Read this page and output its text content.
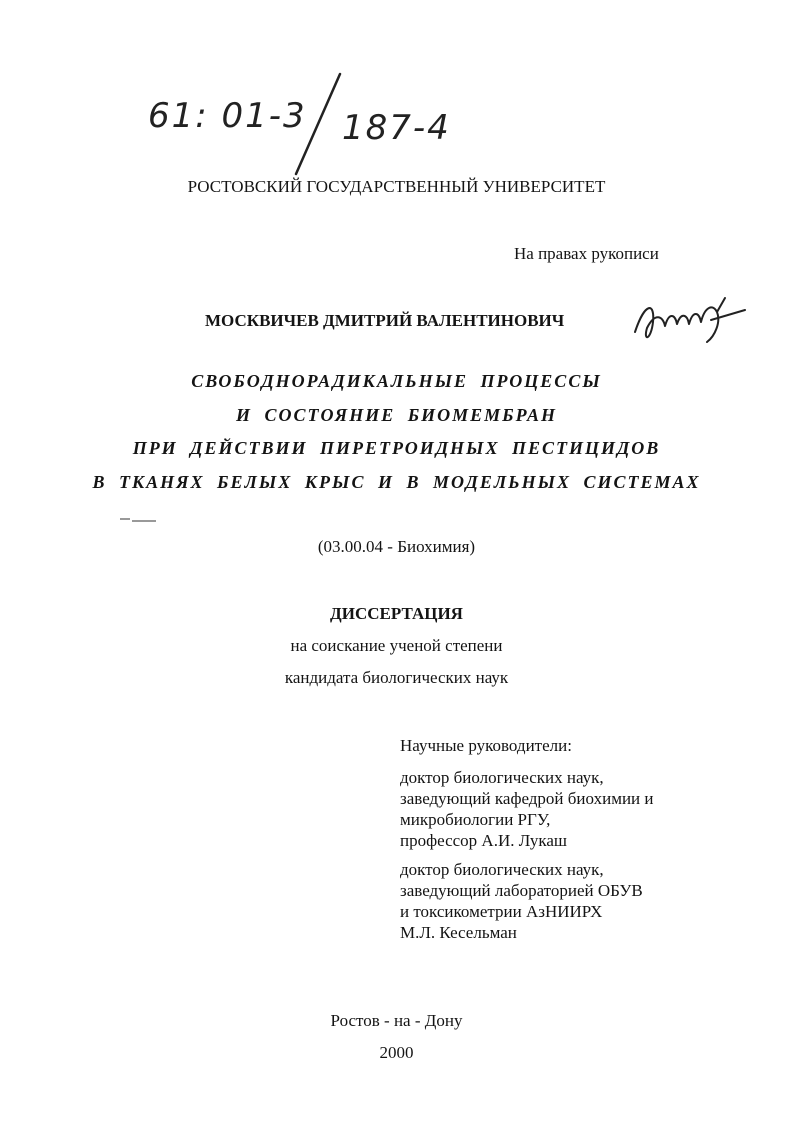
61: 01-3 187-4
РОСТОВСКИЙ ГОСУДАРСТВЕННЫЙ УНИВЕРСИТЕТ
На правах рукописи
МОСКВИЧЕВ ДМИТРИЙ ВАЛЕНТИНОВИЧ
СВОБОДНОРАДИКАЛЬНЫЕ ПРОЦЕССЫ
И СОСТОЯНИЕ БИОМЕМБРАН
ПРИ ДЕЙСТВИИ ПИРЕТРОИДНЫХ ПЕСТИЦИДОВ
В ТКАНЯХ БЕЛЫХ КРЫС И В МОДЕЛЬНЫХ СИСТЕМАХ
(03.00.04 - Биохимия)
ДИССЕРТАЦИЯ
на соискание ученой степени
кандидата биологических наук
Научные руководители:
доктор биологических наук,
заведующий кафедрой биохимии и
микробиологии РГУ,
профессор А.И. Лукаш
доктор биологических наук,
заведующий лабораторией ОБУВ
и токсикометрии АзНИИРХ
М.Л. Кесельман
Ростов - на - Дону
2000
